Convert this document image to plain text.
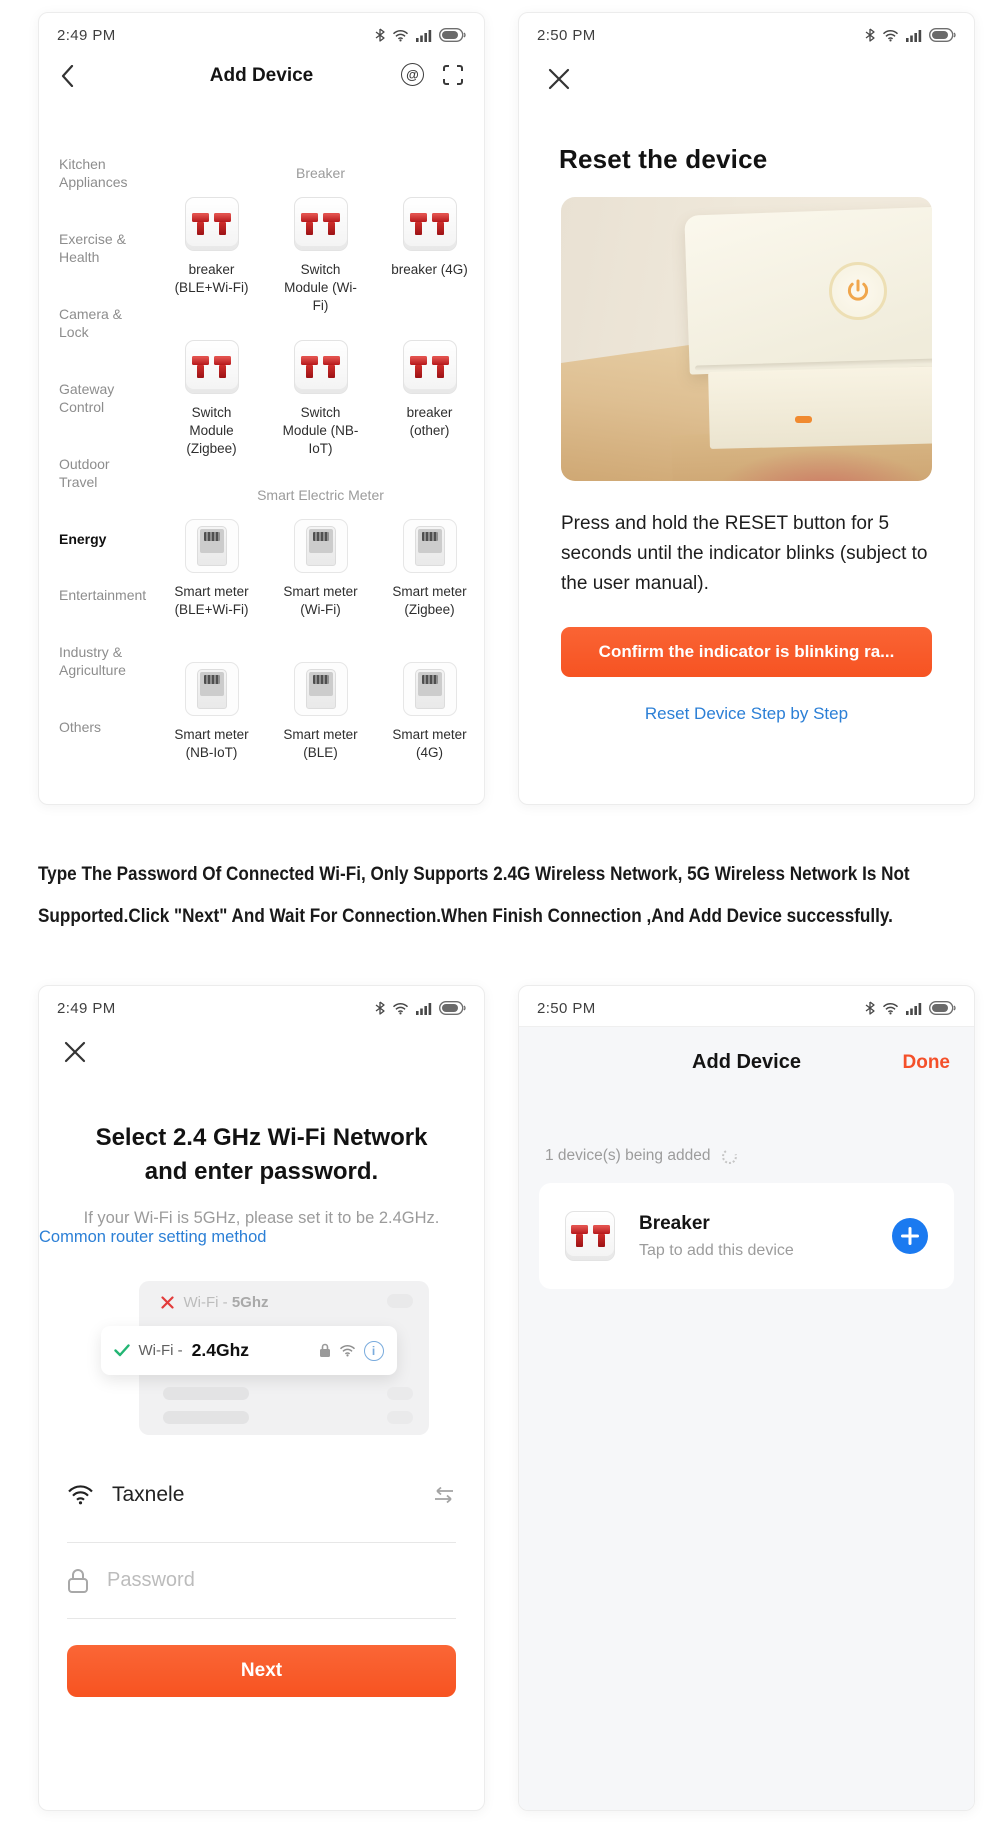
2:49 PM
Add Device	@
Kitchen Appliances
Exercise & Health
Camera & Lock
Gateway Control
Outdoor Travel
Energy
Entertainment
Industry & Agriculture
Others
Breaker
breaker (BLE+Wi-Fi)
Switch Module (Wi-Fi)
breaker (4G)
Switch Module (Zigbee)
Switch Module (NB-IoT)
breaker (other)
Smart Electric Meter
Smart meter (BLE+Wi-Fi)
Smart meter (Wi-Fi)
Smart meter (Zigbee)
Smart meter (NB-IoT)
Smart meter (BLE)
Smart meter (4G)
2:50 PM
Reset the device

Press and hold the RESET button for 5 seconds until the indicator blinks (subject to the user manual).

Confirm the indicator is blinking ra...
Reset Device Step by Step

Type The Password Of Connected Wi-Fi, Only Supports 2.4G Wireless Network, 5G Wireless Network Is Not Supported.Click "Next" And Wait For Connection.When Finish Connection ,And Add Device successfully.

2:49 PM
Select 2.4 GHz Wi-Fi Network
and enter password.
If your Wi-Fi is 5GHz, please set it to be 2.4GHz.
Common router setting method
Wi-Fi - 5Ghz
Wi-Fi - 2.4Ghz	i
Taxnele
Password
Next
2:50 PM
Add Device	Done
1 device(s) being added
Breaker
Tap to add this device
